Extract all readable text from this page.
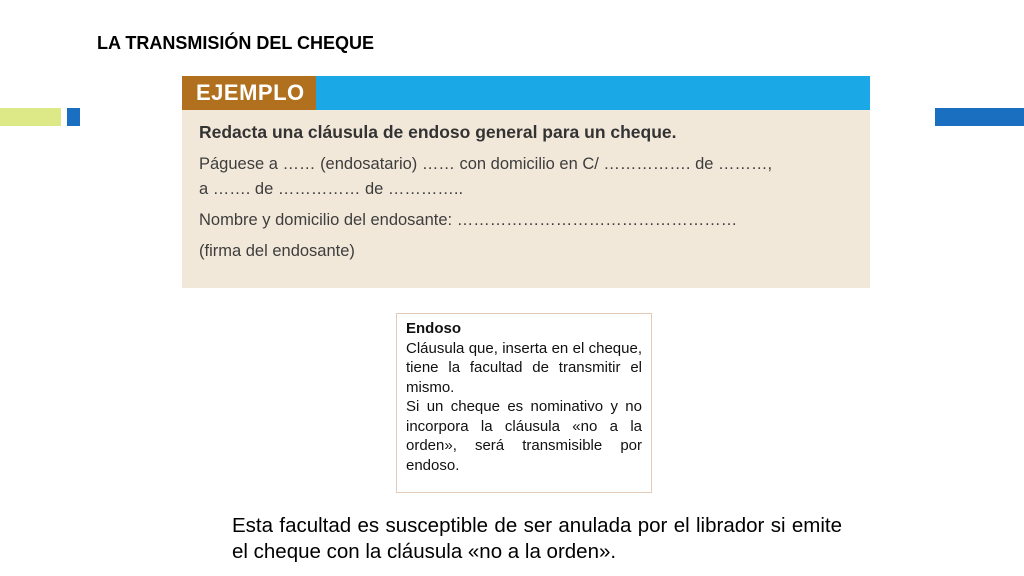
LA TRANSMISIÓN DEL CHEQUE
EJEMPLO
Redacta una cláusula de endoso general para un cheque.

Páguese a …… (endosatario) …… con domicilio en C/ ……………. de ………,

a ……. de …………… de …………..

Nombre y domicilio del endosante: ……………………………………………

(firma del endosante)

Endoso
Cláusula que, inserta en el cheque, tiene la facultad de transmitir el mismo.
Si un cheque es nominativo y no incorpora la cláusula «no a la orden», será transmisible por endoso.
Esta facultad es susceptible de ser anulada por el librador si emite el cheque con la cláusula «no a la orden».
